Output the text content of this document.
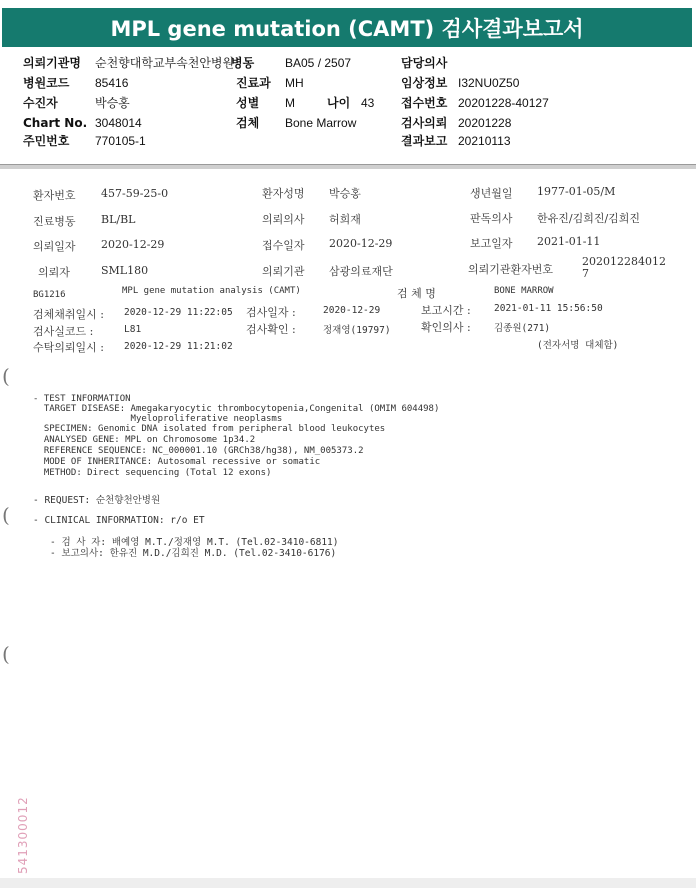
MPL gene mutation (CAMT) 검사결과보고서
의뢰기관명 순천향대학교부속천안병원
병동	BA05 / 2507	담당의사
병원코드 85416	진료과 MH	임상정보 I32NU0Z50
수진자	박승홍	성별 M	나이 43 접수번호 20201228-40127
Chart No. 3048014	검체 Bone Marrow	검사의뢰 20201228
주민번호 770105-1	결과보고 20210113
환자번호 457-59-25-0	환자성명 박승홍	생년월일 1977-01-05/M
진료병동 BL/BL	의뢰의사 허희재	판독의사 한유진/김희진/김희진
의뢰일자 2020-12-29	접수일자 2020-12-29	보고일자 2021-01-11
의뢰자	SML180	의뢰기관 삼광의료재단	의뢰기관환자번호
202012284012
7
BG1216	MPL gene mutation analysis (CAMT)	검 체 명	BONE MARROW
검체채취일시 : 2020-12-29 11:22:05 검사일자 :	2020-12-29	보고시간 : 2021-01-11 15:56:50
검사실코드 :	L81	검사확인 :	정재영(19797)	확인의사 : 김종원(271)
수탁의뢰일시 : 2020-12-29 11:21:02	(전자서명 대체함)
(
(
(
- TEST INFORMATION
TARGET DISEASE: Amegakaryocytic thrombocytopenia,Congenital (OMIM 604498)
Myeloproliferative neoplasms
SPECIMEN: Genomic DNA isolated from peripheral blood leukocytes
ANALYSED GENE: MPL on Chromosome 1p34.2
REFERENCE SEQUENCE: NC_000001.10 (GRCh38/hg38), NM_005373.2
MODE OF INHERITANCE: Autosomal recessive or somatic
METHOD: Direct sequencing (Total 12 exons)
- REQUEST: 순천향천안병원
- CLINICAL INFORMATION: r/o ET
- 검 사 자: 배예영 M.T./정재영 M.T. (Tel.02-3410-6811)
- 보고의사: 한유진 M.D./김희진 M.D. (Tel.02-3410-6176)
541300012
